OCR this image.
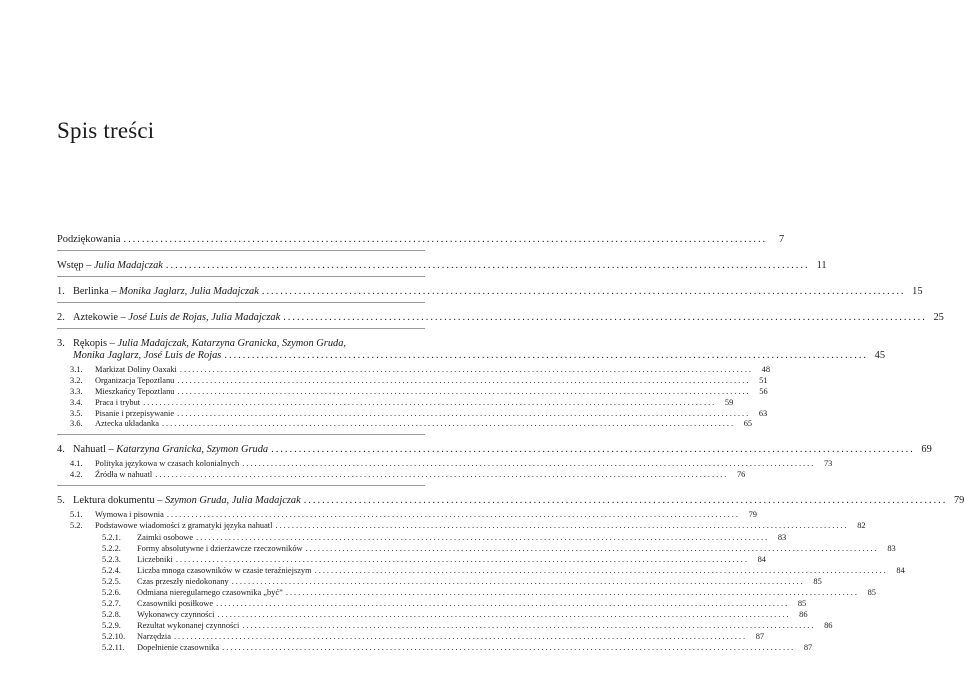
Spis treści
Podziękowania ............................................................................................................................................	7
Wstęp – Julia Madajczak ............................................................................................................................................ 11
1. Berlinka – Monika Jaglarz, Julia Madajczak ............................................................................................................................................ 15
2. Aztekowie – José Luis de Rojas, Julia Madajczak ............................................................................................................................................ 25
3. Rękopis – Julia Madajczak, Katarzyna Granicka, Szymon Gruda,
Monika Jaglarz, José Luis de Rojas ............................................................................................................................................ 45
3.1. Markizat Doliny Oaxaki ............................................................................................................................................	48
3.2. Organizacja Tepoztlanu ............................................................................................................................................	51
3.3. Mieszkańcy Tepoztlanu ............................................................................................................................................	56
3.4. Praca i trybut ............................................................................................................................................	59
3.5. Pisanie i przepisywanie ............................................................................................................................................	63
3.6. Aztecka układanka ............................................................................................................................................	65
4. Nahuatl – Katarzyna Granicka, Szymon Gruda ............................................................................................................................................ 69
4.1. Polityka językowa w czasach kolonialnych ............................................................................................................................................	73
4.2. Źródła w nahuatl ............................................................................................................................................	76
5. Lektura dokumentu – Szymon Gruda, Julia Madajczak ............................................................................................................................................ 79
5.1. Wymowa i pisownia ............................................................................................................................................	79
5.2. Podstawowe wiadomości z gramatyki języka nahuatl ............................................................................................................................................	82
5.2.1. Zaimki osobowe ............................................................................................................................................	83
5.2.2. Formy absolutywne i dzierżawcze rzeczowników ............................................................................................................................................	83
5.2.3. Liczebniki ............................................................................................................................................	84
5.2.4. Liczba mnoga czasowników w czasie teraźniejszym ............................................................................................................................................	84
5.2.5. Czas przeszły niedokonany ............................................................................................................................................	85
5.2.6. Odmiana nieregularnego czasownika „być” ............................................................................................................................................	85
5.2.7. Czasowniki posiłkowe ............................................................................................................................................	85
5.2.8. Wykonawcy czynności ............................................................................................................................................	86
5.2.9. Rezultat wykonanej czynności ............................................................................................................................................	86
5.2.10. Narzędzia ............................................................................................................................................	87
5.2.11. Dopełnienie czasownika ............................................................................................................................................	87
